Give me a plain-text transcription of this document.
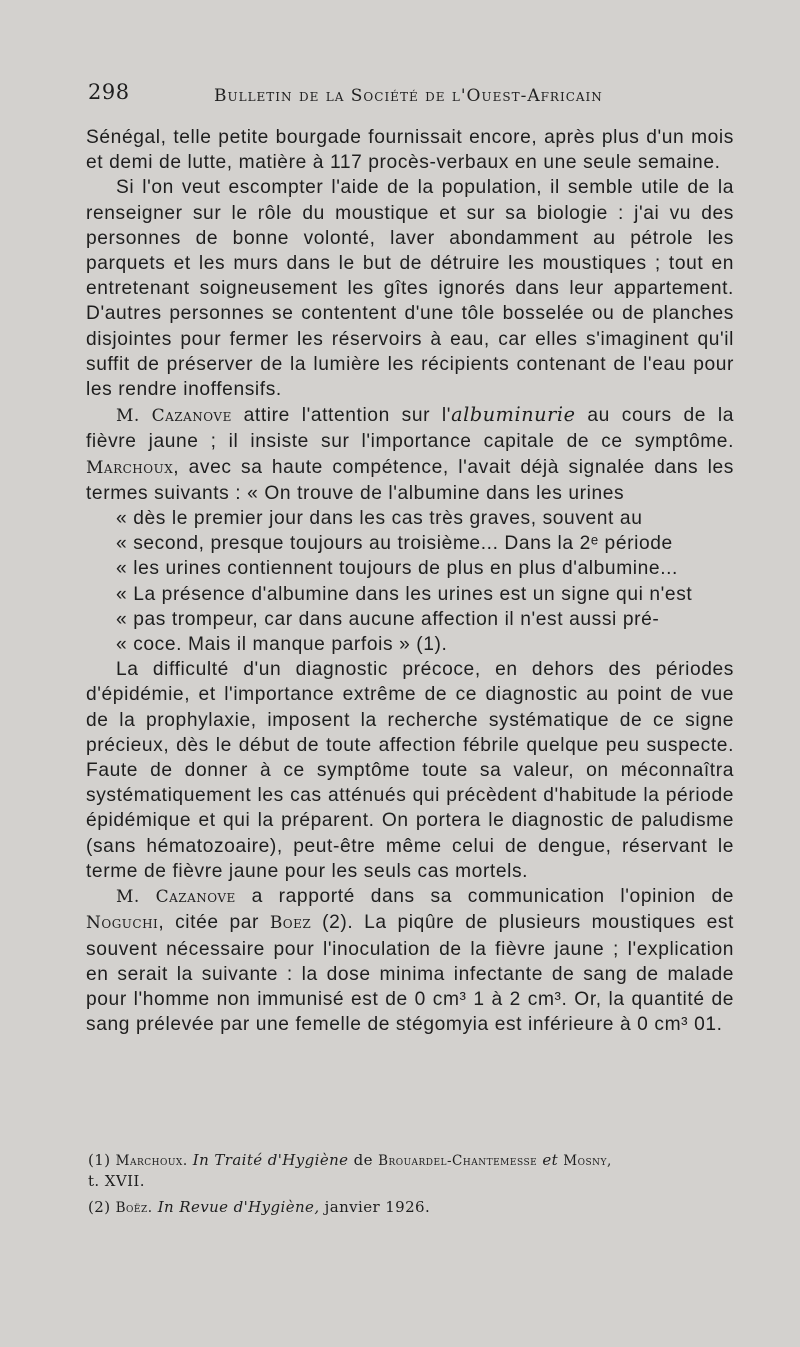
298	Bulletin de la Société de l'Ouest-Africain

Sénégal, telle petite bourgade fournissait encore, après plus d'un mois et demi de lutte, matière à 117 procès-verbaux en une seule semaine.

Si l'on veut escompter l'aide de la population, il semble utile de la renseigner sur le rôle du moustique et sur sa biologie : j'ai vu des personnes de bonne volonté, laver abondamment au pétrole les parquets et les murs dans le but de détruire les moustiques ; tout en entretenant soigneusement les gîtes ignorés dans leur appartement. D'autres personnes se contentent d'une tôle bosselée ou de planches disjointes pour fermer les réservoirs à eau, car elles s'imaginent qu'il suffit de préserver de la lumière les récipients contenant de l'eau pour les rendre inoffensifs.

M. Cazanove attire l'attention sur l'albuminurie au cours de la fièvre jaune ; il insiste sur l'importance capitale de ce symptôme. Marchoux, avec sa haute compétence, l'avait déjà signalée dans les termes suivants : « On trouve de l'albumine dans les urines
« dès le premier jour dans les cas très graves, souvent au
« second, presque toujours au troisième... Dans la 2ᵉ période
« les urines contiennent toujours de plus en plus d'albumine...
« La présence d'albumine dans les urines est un signe qui n'est
« pas trompeur, car dans aucune affection il n'est aussi pré-
« coce. Mais il manque parfois » (1).

La difficulté d'un diagnostic précoce, en dehors des périodes d'épidémie, et l'importance extrême de ce diagnostic au point de vue de la prophylaxie, imposent la recherche systématique de ce signe précieux, dès le début de toute affection fébrile quelque peu suspecte. Faute de donner à ce symptôme toute sa valeur, on méconnaîtra systématiquement les cas atténués qui précèdent d'habitude la période épidémique et qui la préparent. On portera le diagnostic de paludisme (sans hématozoaire), peut-être même celui de dengue, réservant le terme de fièvre jaune pour les seuls cas mortels.

M. Cazanove a rapporté dans sa communication l'opinion de Noguchi, citée par Boez (2). La piqûre de plusieurs moustiques est souvent nécessaire pour l'inoculation de la fièvre jaune ; l'explication en serait la suivante : la dose minima infectante de sang de malade pour l'homme non immunisé est de 0 cm³ 1 à 2 cm³. Or, la quantité de sang prélevée par une femelle de stégomyia est inférieure à 0 cm³ 01.

(1) Marchoux. In Traité d'Hygiène de Brouardel-Chantemesse et Mosny,
t. XVII.

(2) Boëz. In Revue d'Hygiène, janvier 1926.
